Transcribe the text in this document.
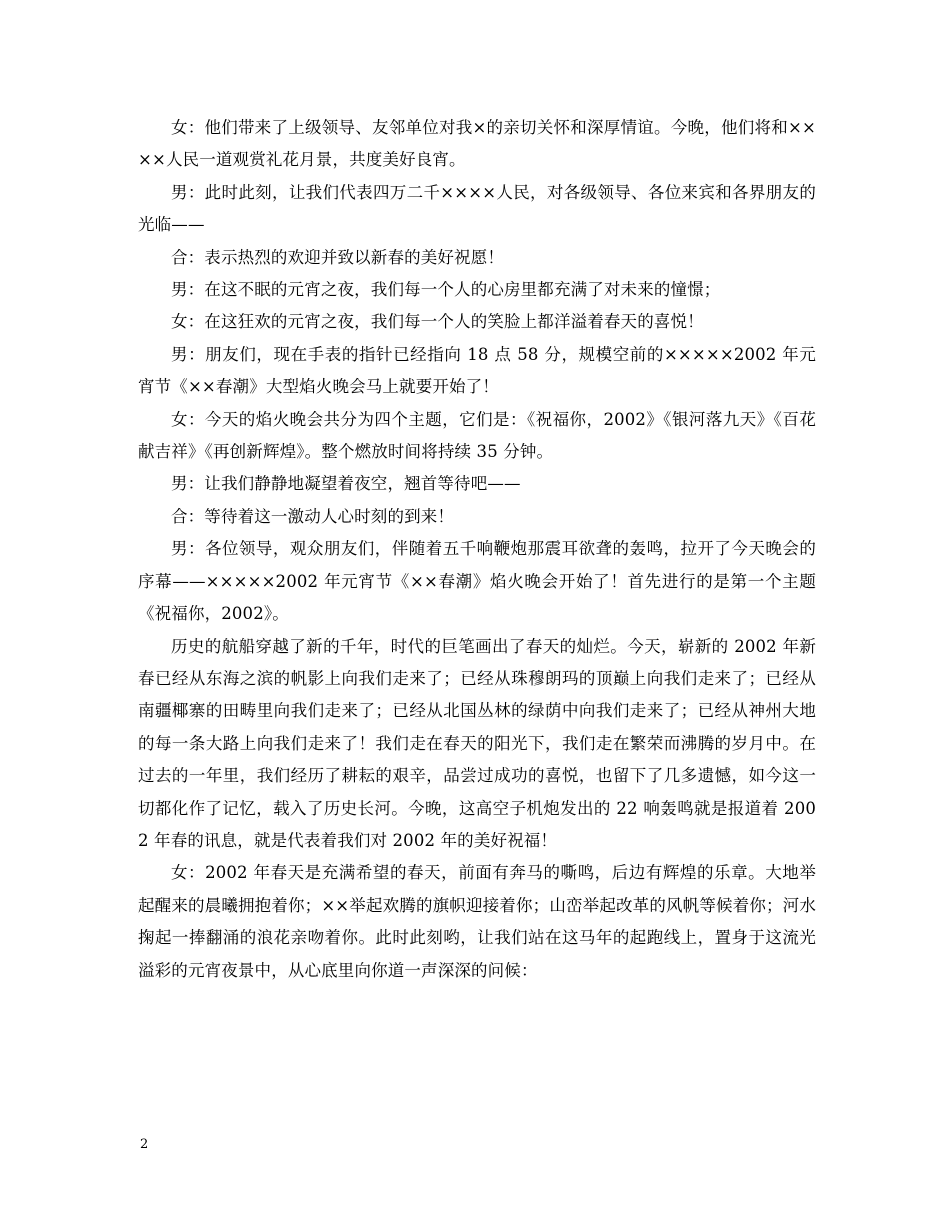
女：他们带来了上级领导、友邻单位对我×的亲切关怀和深厚情谊。今晚，他们将和××××人民一道观赏礼花月景，共度美好良宵。

男：此时此刻，让我们代表四万二千××××人民，对各级领导、各位来宾和各界朋友的光临——

合：表示热烈的欢迎并致以新春的美好祝愿！

男：在这不眠的元宵之夜，我们每一个人的心房里都充满了对未来的憧憬；

女：在这狂欢的元宵之夜，我们每一个人的笑脸上都洋溢着春天的喜悦！

男：朋友们，现在手表的指针已经指向 18 点 58 分，规模空前的×××××2002 年元宵节《××春潮》大型焰火晚会马上就要开始了！

女：今天的焰火晚会共分为四个主题，它们是：《祝福你，2002》《银河落九天》《百花献吉祥》《再创新辉煌》。整个燃放时间将持续 35 分钟。

男：让我们静静地凝望着夜空，翘首等待吧——

合：等待着这一激动人心时刻的到来！

男：各位领导，观众朋友们，伴随着五千响鞭炮那震耳欲聋的轰鸣，拉开了今天晚会的序幕——×××××2002 年元宵节《××春潮》焰火晚会开始了！首先进行的是第一个主题《祝福你，2002》。

历史的航船穿越了新的千年，时代的巨笔画出了春天的灿烂。今天，崭新的 2002 年新春已经从东海之滨的帆影上向我们走来了；已经从珠穆朗玛的顶巅上向我们走来了；已经从南疆椰寨的田畴里向我们走来了；已经从北国丛林的绿荫中向我们走来了；已经从神州大地的每一条大路上向我们走来了！我们走在春天的阳光下，我们走在繁荣而沸腾的岁月中。在过去的一年里，我们经历了耕耘的艰辛，品尝过成功的喜悦，也留下了几多遗憾，如今这一切都化作了记忆，载入了历史长河。今晚，这高空子机炮发出的 22 响轰鸣就是报道着 2002 年春的讯息，就是代表着我们对 2002 年的美好祝福！

女：2002 年春天是充满希望的春天，前面有奔马的嘶鸣，后边有辉煌的乐章。大地举起醒来的晨曦拥抱着你；××举起欢腾的旗帜迎接着你；山峦举起改革的风帆等候着你；河水掬起一捧翻涌的浪花亲吻着你。此时此刻哟，让我们站在这马年的起跑线上，置身于这流光溢彩的元宵夜景中，从心底里向你道一声深深的问候：

2
